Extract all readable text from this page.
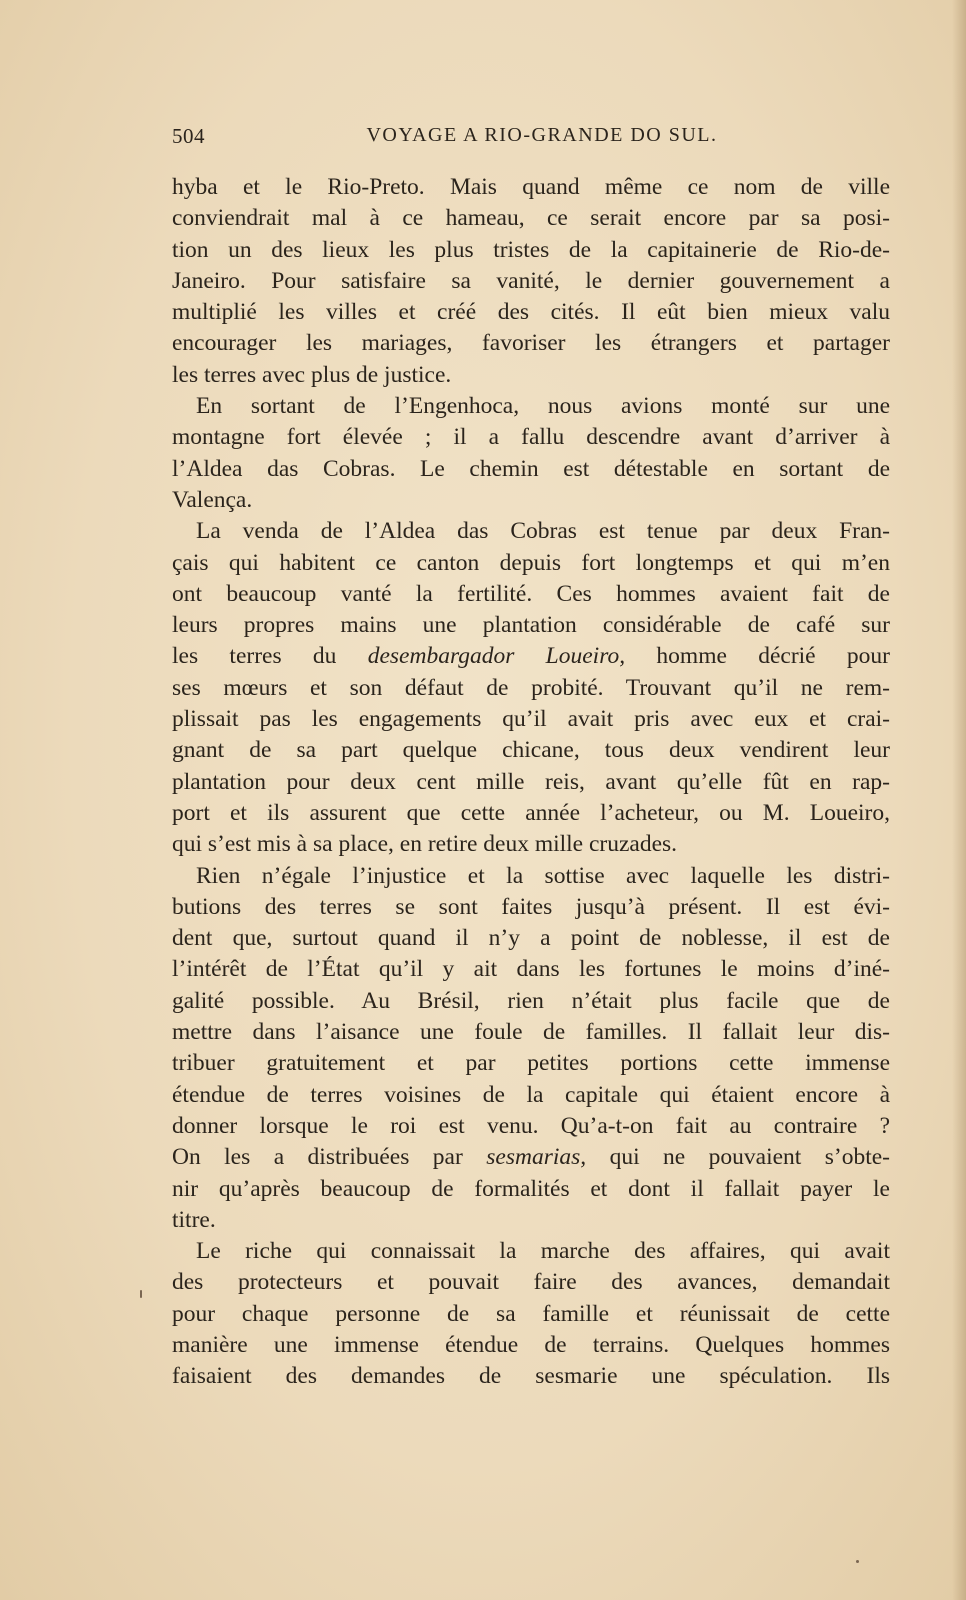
504	VOYAGE A RIO-GRANDE DO SUL.
hyba et le Rio-Preto. Mais quand même ce nom de ville
conviendrait mal à ce hameau, ce serait encore par sa posi-
tion un des lieux les plus tristes de la capitainerie de Rio-de-
Janeiro. Pour satisfaire sa vanité, le dernier gouvernement a
multiplié les villes et créé des cités. Il eût bien mieux valu
encourager les mariages, favoriser les étrangers et partager
les terres avec plus de justice.
En sortant de l’Engenhoca, nous avions monté sur une
montagne fort élevée ; il a fallu descendre avant d’arriver à
l’Aldea das Cobras. Le chemin est détestable en sortant de
Valença.
La venda de l’Aldea das Cobras est tenue par deux Fran-
çais qui habitent ce canton depuis fort longtemps et qui m’en
ont beaucoup vanté la fertilité. Ces hommes avaient fait de
leurs propres mains une plantation considérable de café sur
les terres du desembargador Loueiro, homme décrié pour
ses mœurs et son défaut de probité. Trouvant qu’il ne rem-
plissait pas les engagements qu’il avait pris avec eux et crai-
gnant de sa part quelque chicane, tous deux vendirent leur
plantation pour deux cent mille reis, avant qu’elle fût en rap-
port et ils assurent que cette année l’acheteur, ou M. Loueiro,
qui s’est mis à sa place, en retire deux mille cruzades.
Rien n’égale l’injustice et la sottise avec laquelle les distri-
butions des terres se sont faites jusqu’à présent. Il est évi-
dent que, surtout quand il n’y a point de noblesse, il est de
l’intérêt de l’État qu’il y ait dans les fortunes le moins d’iné-
galité possible. Au Brésil, rien n’était plus facile que de
mettre dans l’aisance une foule de familles. Il fallait leur dis-
tribuer gratuitement et par petites portions cette immense
étendue de terres voisines de la capitale qui étaient encore à
donner lorsque le roi est venu. Qu’a-t-on fait au contraire ?
On les a distribuées par sesmarias, qui ne pouvaient s’obte-
nir qu’après beaucoup de formalités et dont il fallait payer le
titre.
Le riche qui connaissait la marche des affaires, qui avait
des protecteurs et pouvait faire des avances, demandait
pour chaque personne de sa famille et réunissait de cette
manière une immense étendue de terrains. Quelques hommes
faisaient des demandes de sesmarie une spéculation. Ils
